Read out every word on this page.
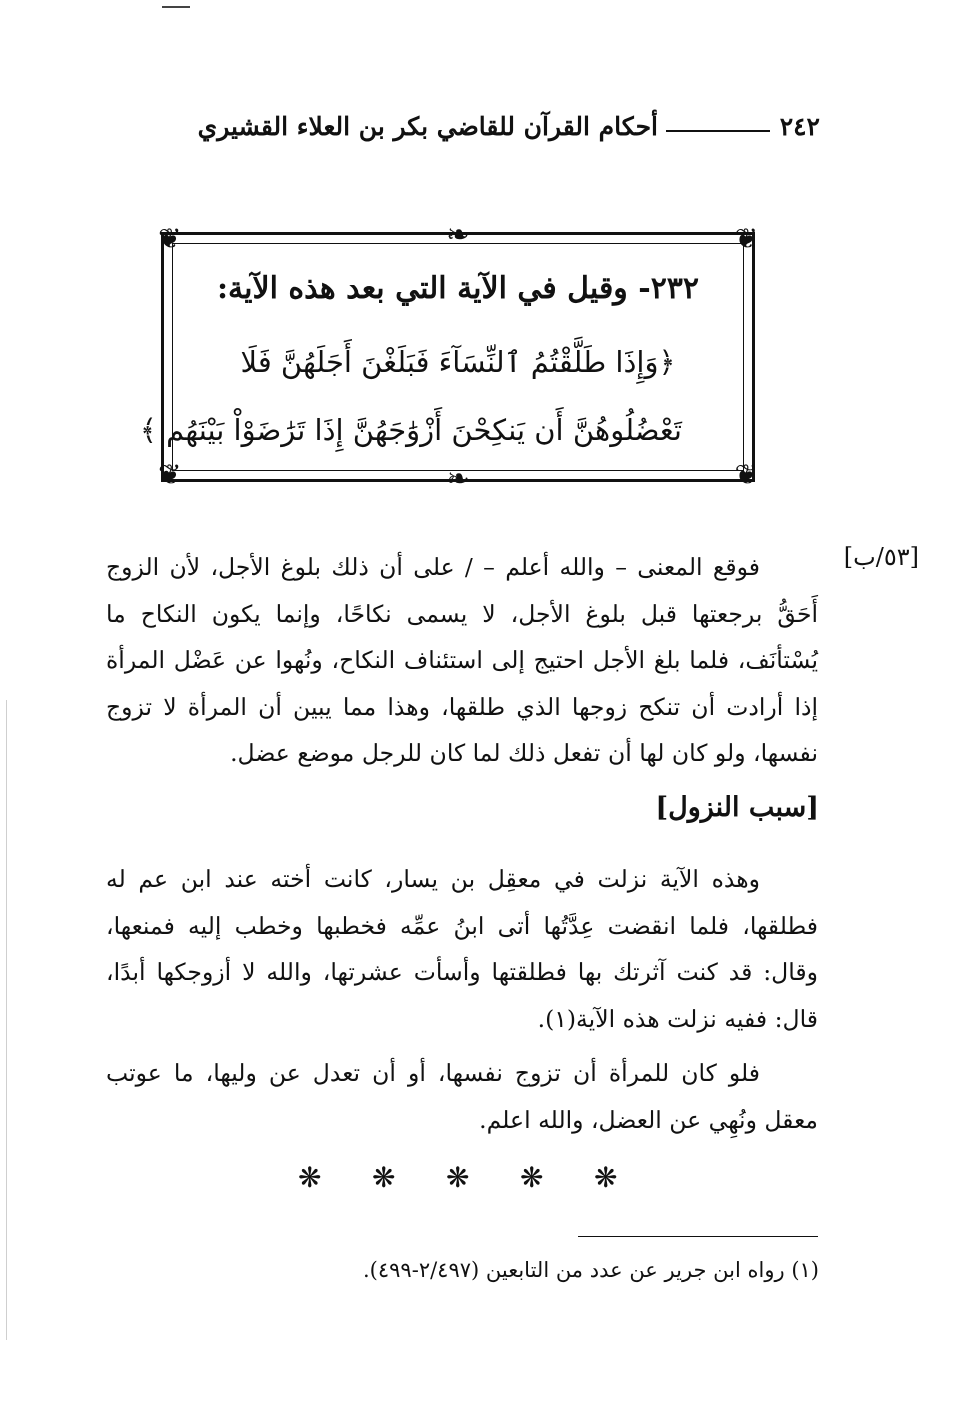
٢٤٢
أحكام القرآن للقاضي بكر بن العلاء القشيري
❦	❦
❦	❦
❧
❧
٢٣٢- وقيل في الآية التي بعد هذه الآية:
﴿وَإِذَا طَلَّقْتُمُ ٱلنِّسَآءَ فَبَلَغْنَ أَجَلَهُنَّ فَلَا
تَعْضُلُوهُنَّ أَن يَنكِحْنَ أَزْوَٰجَهُنَّ إِذَا تَرَٰضَوْاْ بَيْنَهُم ﴾
[٥٣/ب]

فوقع المعنى – والله أعلم – / على أن ذلك بلوغ الأجل، لأن الزوج أَحَقُّ برجعتها قبل بلوغ الأجل، لا يسمى نكاحًا، وإنما يكون النكاح ما يُسْتأنَف، فلما بلغ الأجل احتيج إلى استئناف النكاح، ونُهوا عن عَضْل المرأة إذا أرادت أن تنكح زوجها الذي طلقها، وهذا مما يبين أن المرأة لا تزوج نفسها، ولو كان لها أن تفعل ذلك لما كان للرجل موضع عضل.

[سبب النزول]

وهذه الآية نزلت في معقِل بن يسار، كانت أخته عند ابن عم له فطلقها، فلما انقضت عِدَّتُها أتى ابنُ عمِّه فخطبها وخطب إليه فمنعها، وقال: قد كنت آثرتك بها فطلقتها وأسأت عشرتها، والله لا أزوجكها أبدًا، قال: ففيه نزلت هذه الآية(١).

فلو كان للمرأة أن تزوج نفسها، أو أن تعدل عن وليها، ما عوتب معقل ونُهِي عن العضل، والله اعلم.

❋ ❋ ❋ ❋ ❋
(١) رواه ابن جرير عن عدد من التابعين (٢/٤٩٧-٤٩٩).
